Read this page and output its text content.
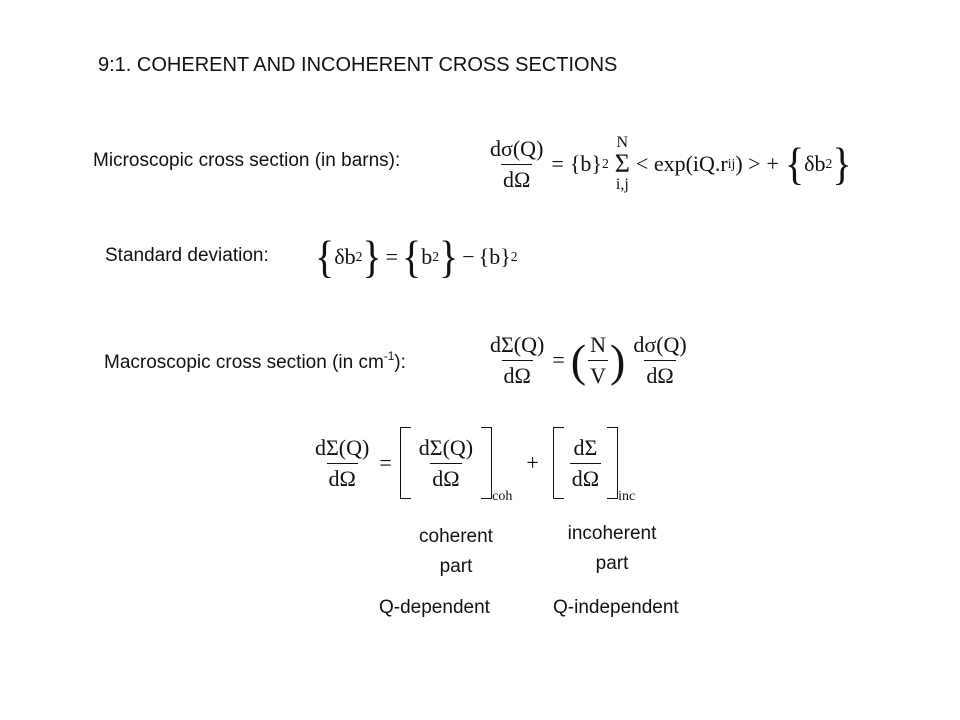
9:1. COHERENT AND INCOHERENT CROSS SECTIONS
Microscopic cross section (in barns):	$\frac{d\sigma(Q)}{d\Omega} = \{b\}$ 2
N
Σ
i,j
< exp(iQ.r ij ) > + { δb 2 }
Standard deviation: { δb 2 } = { b 2 } − {b} 2
Macroscopic cross section (in $cm^{-1}$):	$\frac{d\Sigma(Q)}{d\Omega}$ = ( $\frac{N}{V}$ ) $\frac{d\sigma(Q)}{d\Omega}$
$\frac{d\Sigma(Q)}{d\Omega} = \frac{d\Sigma(Q)}{d\Omega}$
coh
+ $\frac{d\Sigma}{d\Omega}$
inc
coherent
part
Q-dependent
incoherent
part
Q-independent
